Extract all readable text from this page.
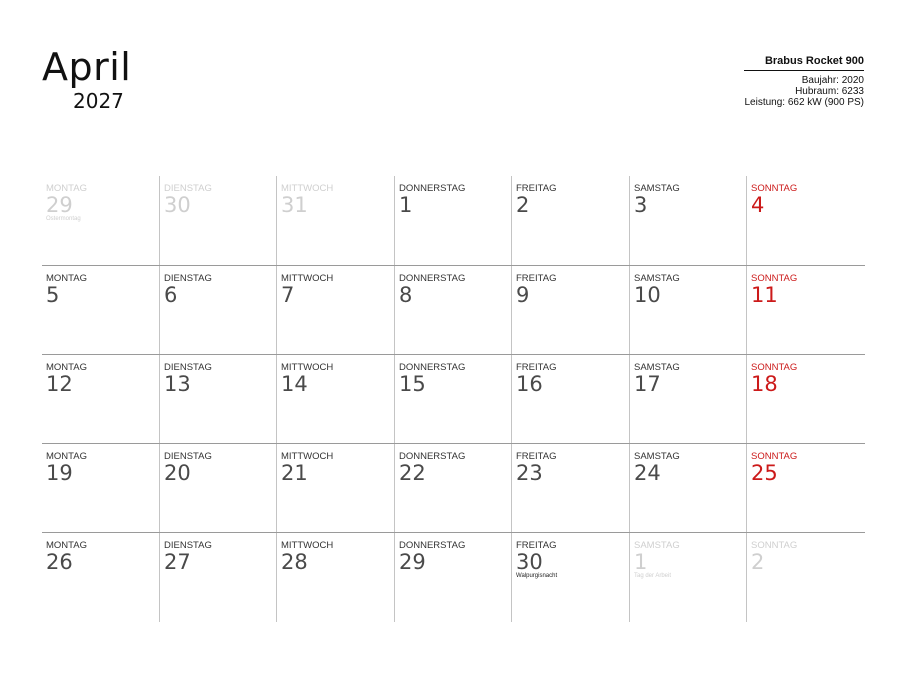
April
2027
Brabus Rocket 900
Baujahr: 2020
Hubraum: 6233
Leistung: 662 kW (900 PS)
MONTAG
29
Ostermontag
DIENSTAG
30
MITTWOCH
31
DONNERSTAG
1
FREITAG
2
SAMSTAG
3
SONNTAG
4
MONTAG
5
DIENSTAG
6
MITTWOCH
7
DONNERSTAG
8
FREITAG
9
SAMSTAG
10
SONNTAG
11
MONTAG
12
DIENSTAG
13
MITTWOCH
14
DONNERSTAG
15
FREITAG
16
SAMSTAG
17
SONNTAG
18
MONTAG
19
DIENSTAG
20
MITTWOCH
21
DONNERSTAG
22
FREITAG
23
SAMSTAG
24
SONNTAG
25
MONTAG
26
DIENSTAG
27
MITTWOCH
28
DONNERSTAG
29
FREITAG
30
Walpurgisnacht
SAMSTAG
1
Tag der Arbeit
SONNTAG
2
